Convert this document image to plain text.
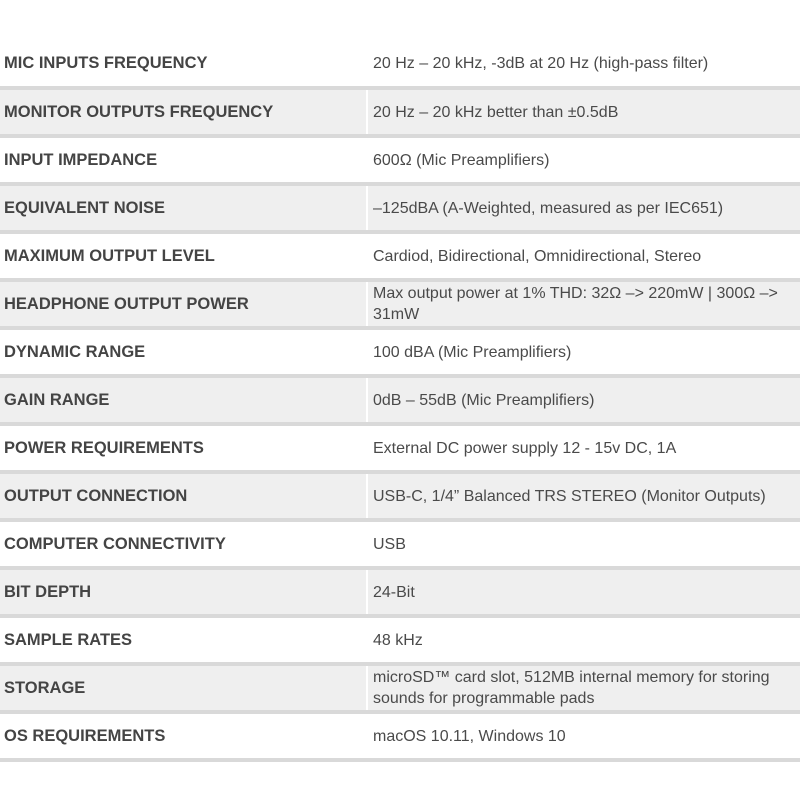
MIC INPUTS FREQUENCY	20 Hz – 20 kHz, -3dB at 20 Hz (high-pass filter)
MONITOR OUTPUTS FREQUENCY	20 Hz – 20 kHz better than ±0.5dB
INPUT IMPEDANCE	600Ω (Mic Preamplifiers)
EQUIVALENT NOISE	–125dBA (A-Weighted, measured as per IEC651)
MAXIMUM OUTPUT LEVEL	Cardiod, Bidirectional, Omnidirectional, Stereo
HEADPHONE OUTPUT POWER	Max output power at 1% THD: 32Ω –> 220mW | 300Ω –> 31mW
DYNAMIC RANGE	100 dBA (Mic Preamplifiers)
GAIN RANGE	0dB – 55dB (Mic Preamplifiers)
POWER REQUIREMENTS	External DC power supply 12 - 15v DC, 1A
OUTPUT CONNECTION	USB-C, 1/4” Balanced TRS STEREO (Monitor Outputs)
COMPUTER CONNECTIVITY	USB
BIT DEPTH	24-Bit
SAMPLE RATES	48 kHz
STORAGE	microSD™ card slot, 512MB internal memory for storing sounds for programmable pads
OS REQUIREMENTS	macOS 10.11, Windows 10
